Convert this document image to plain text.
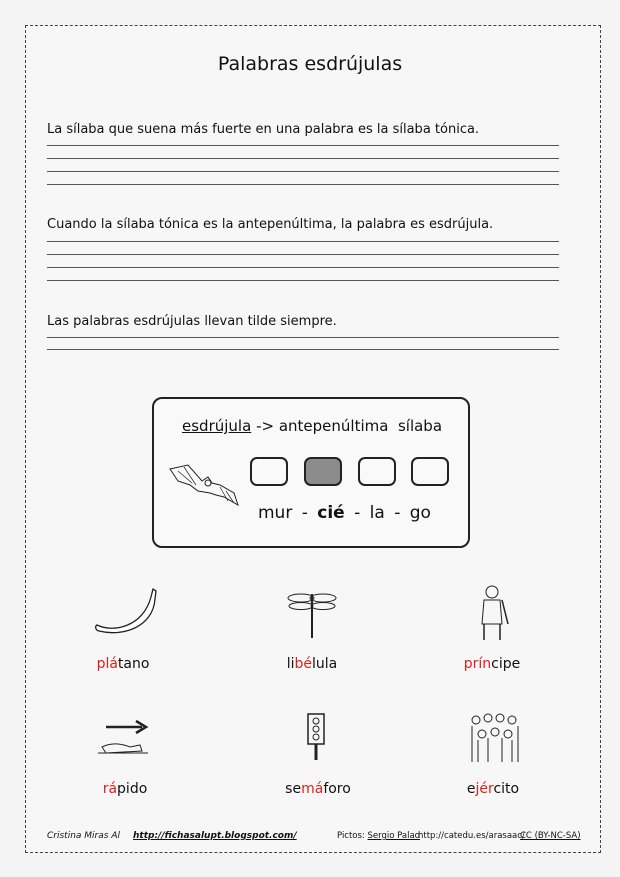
Palabras esdrújulas
La sílaba que suena más fuerte en una palabra es la sílaba tónica.
Cuando la sílaba tónica es la antepenúltima, la palabra es esdrújula.
Las palabras esdrújulas llevan tilde siempre.
esdrújula -> antepenúltima  sílaba
mur - cié - la - go
plátano	libélula	príncipe
rápido	semáforo	ejército
Cristina Miras Al http://fichasalupt.blogspot.com/	Pictos: Sergio Palao
http://catedu.es/arasaac/
CC (BY-NC-SA)
